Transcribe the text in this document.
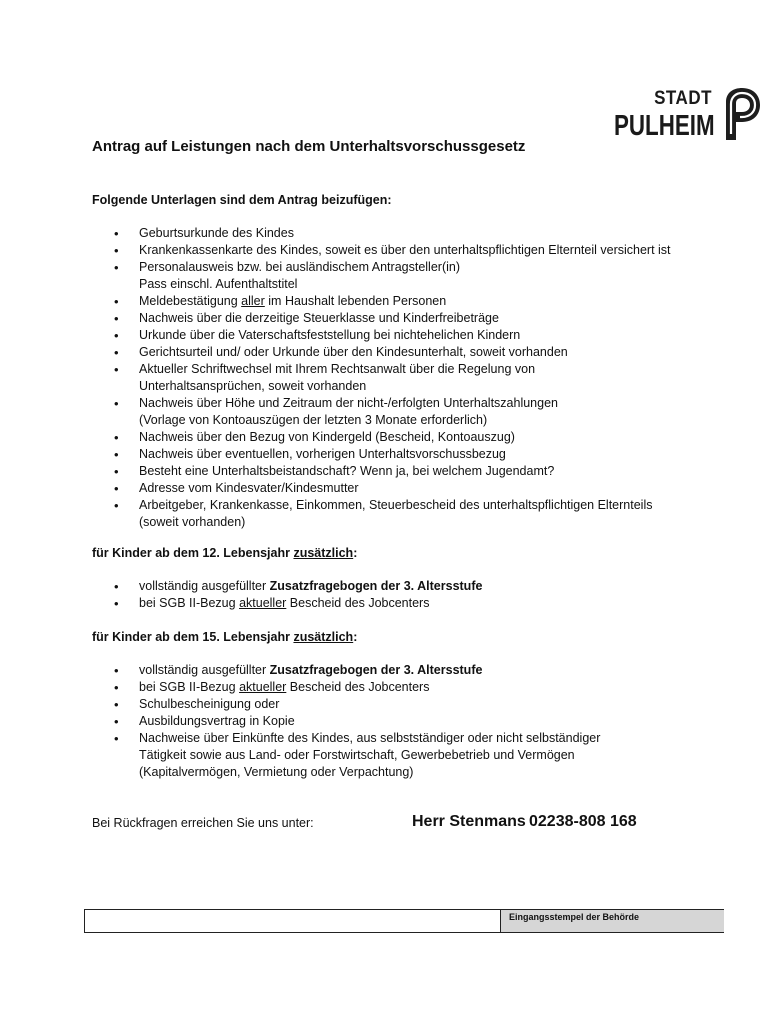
STADT
PULHEIM
Antrag auf Leistungen nach dem Unterhaltsvorschussgesetz
Folgende Unterlagen sind dem Antrag beizufügen:
• Geburtsurkunde des Kindes
• Krankenkassenkarte des Kindes, soweit es über den unterhaltspflichtigen Elternteil versichert ist
• Personalausweis bzw. bei ausländischem Antragsteller(in)
Pass einschl. Aufenthaltstitel
• Meldebestätigung aller im Haushalt lebenden Personen
• Nachweis über die derzeitige Steuerklasse und Kinderfreibeträge
• Urkunde über die Vaterschaftsfeststellung bei nichtehelichen Kindern
• Gerichtsurteil und/ oder Urkunde über den Kindesunterhalt, soweit vorhanden
• Aktueller Schriftwechsel mit Ihrem Rechtsanwalt über die Regelung von
Unterhaltsansprüchen, soweit vorhanden
• Nachweis über Höhe und Zeitraum der nicht-/erfolgten Unterhaltszahlungen
(Vorlage von Kontoauszügen der letzten 3 Monate erforderlich)
• Nachweis über den Bezug von Kindergeld (Bescheid, Kontoauszug)
• Nachweis über eventuellen, vorherigen Unterhaltsvorschussbezug
• Besteht eine Unterhaltsbeistandschaft? Wenn ja, bei welchem Jugendamt?
• Adresse vom Kindesvater/Kindesmutter
• Arbeitgeber, Krankenkasse, Einkommen, Steuerbescheid des unterhaltspflichtigen Elternteils
(soweit vorhanden)
für Kinder ab dem 12. Lebensjahr zusätzlich:
• vollständig ausgefüllter Zusatzfragebogen der 3. Altersstufe
• bei SGB II-Bezug aktueller Bescheid des Jobcenters
für Kinder ab dem 15. Lebensjahr zusätzlich:
• vollständig ausgefüllter Zusatzfragebogen der 3. Altersstufe
• bei SGB II-Bezug aktueller Bescheid des Jobcenters
• Schulbescheinigung oder
• Ausbildungsvertrag in Kopie
• Nachweise über Einkünfte des Kindes, aus selbstständiger oder nicht selbständiger
Tätigkeit sowie aus Land- oder Forstwirtschaft, Gewerbebetrieb und Vermögen
(Kapitalvermögen, Vermietung oder Verpachtung)
Bei Rückfragen erreichen Sie uns unter:	Herr Stenmans 02238-808 168
Eingangsstempel der Behörde
